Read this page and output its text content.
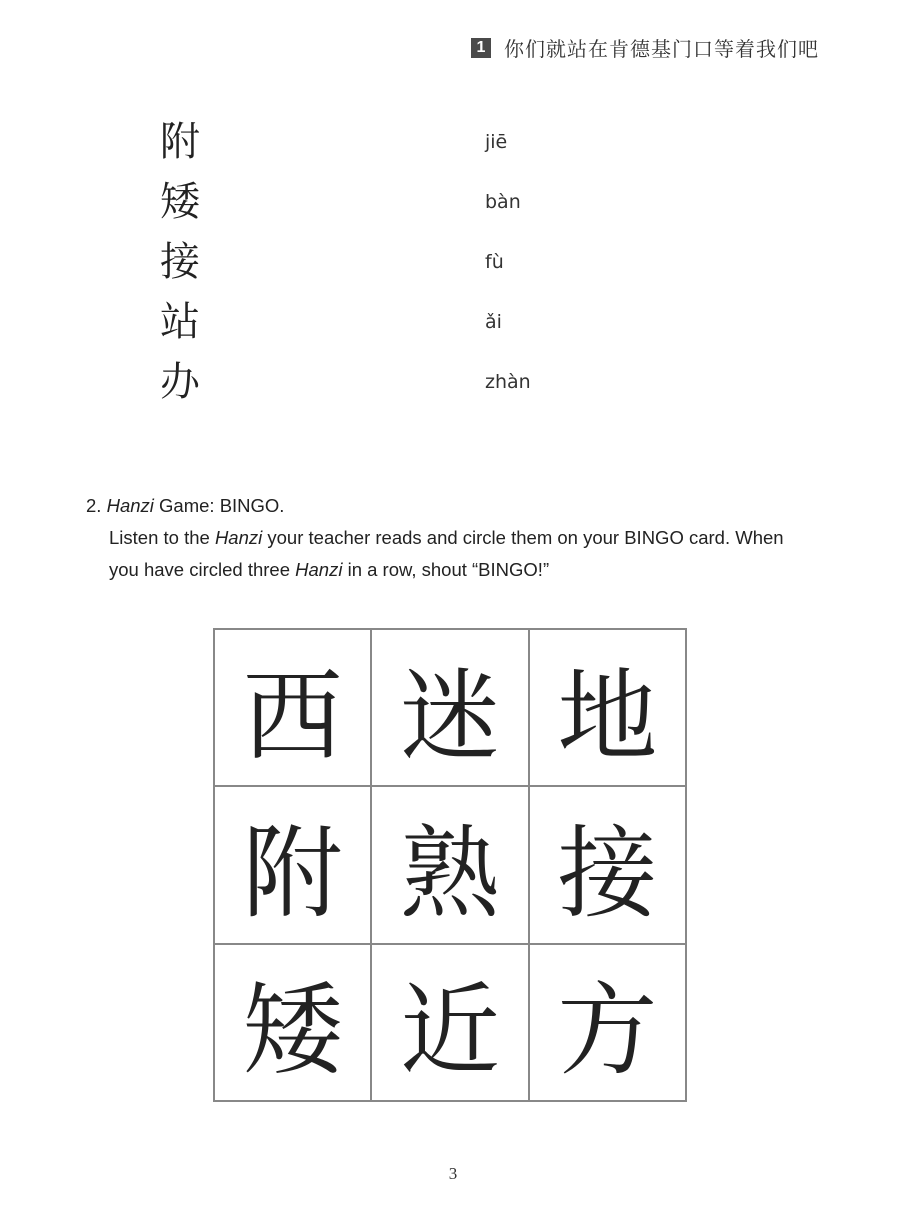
1 你们就站在肯德基门口等着我们吧
附	jiē
矮	bàn
接	fù
站	ǎi
办	zhàn
2. Hanzi Game: BINGO.
Listen to the Hanzi your teacher reads and circle them on your BINGO card. When
you have circled three Hanzi in a row, shout “BINGO!”
西 迷 地
附 熟 接
矮 近 方
3
